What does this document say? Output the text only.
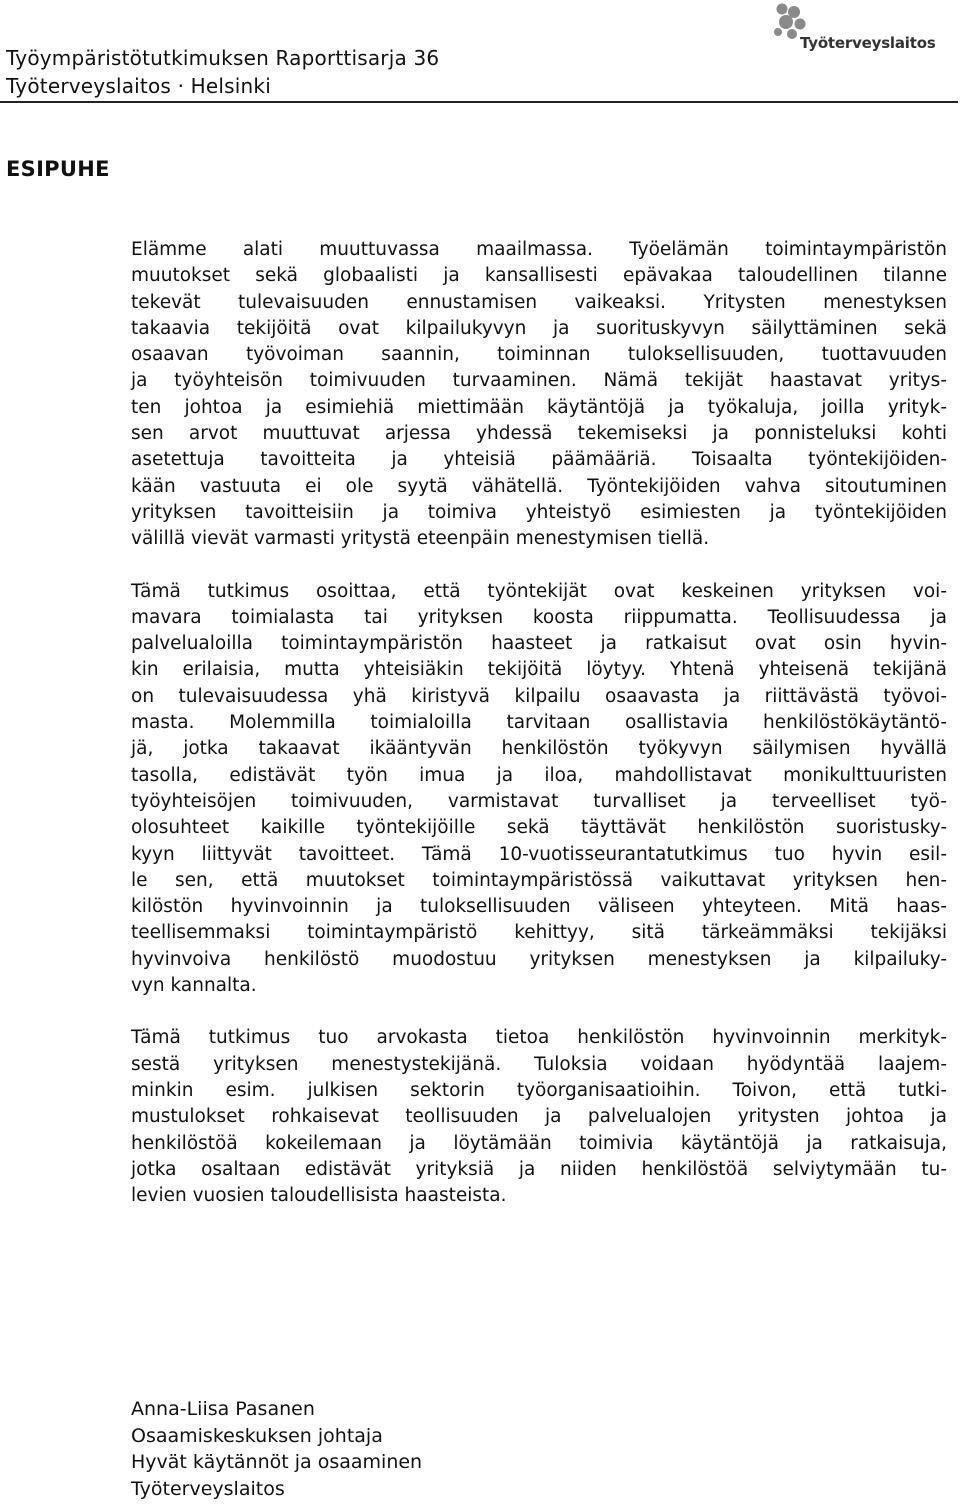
Työympäristötutkimuksen Raporttisarja 36
Työterveyslaitos · Helsinki
Työterveyslaitos
ESIPUHE
Elämme alati muuttuvassa maailmassa. Työelämän toimintaympäristön
muutokset sekä globaalisti ja kansallisesti epävakaa taloudellinen tilanne
tekevät tulevaisuuden ennustamisen vaikeaksi. Yritysten menestyksen
takaavia tekijöitä ovat kilpailukyvyn ja suorituskyvyn säilyttäminen sekä
osaavan työvoiman saannin, toiminnan tuloksellisuuden, tuottavuuden
ja työyhteisön toimivuuden turvaaminen. Nämä tekijät haastavat yritys-
ten johtoa ja esimiehiä miettimään käytäntöjä ja työkaluja, joilla yrityk-
sen arvot muuttuvat arjessa yhdessä tekemiseksi ja ponnisteluksi kohti
asetettuja tavoitteita ja yhteisiä päämääriä. Toisaalta työntekijöiden-
kään vastuuta ei ole syytä vähätellä. Työntekijöiden vahva sitoutuminen
yrityksen tavoitteisiin ja toimiva yhteistyö esimiesten ja työntekijöiden
välillä vievät varmasti yritystä eteenpäin menestymisen tiellä.
Tämä tutkimus osoittaa, että työntekijät ovat keskeinen yrityksen voi-
mavara toimialasta tai yrityksen koosta riippumatta. Teollisuudessa ja
palvelualoilla toimintaympäristön haasteet ja ratkaisut ovat osin hyvin-
kin erilaisia, mutta yhteisiäkin tekijöitä löytyy. Yhtenä yhteisenä tekijänä
on tulevaisuudessa yhä kiristyvä kilpailu osaavasta ja riittävästä työvoi-
masta. Molemmilla toimialoilla tarvitaan osallistavia henkilöstökäytäntö-
jä, jotka takaavat ikääntyvän henkilöstön työkyvyn säilymisen hyvällä
tasolla, edistävät työn imua ja iloa, mahdollistavat monikulttuuristen
työyhteisöjen toimivuuden, varmistavat turvalliset ja terveelliset työ-
olosuhteet kaikille työntekijöille sekä täyttävät henkilöstön suoristusky-
kyyn liittyvät tavoitteet. Tämä 10-vuotisseurantatutkimus tuo hyvin esil-
le sen, että muutokset toimintaympäristössä vaikuttavat yrityksen hen-
kilöstön hyvinvoinnin ja tuloksellisuuden väliseen yhteyteen. Mitä haas-
teellisemmaksi toimintaympäristö kehittyy, sitä tärkeämmäksi tekijäksi
hyvinvoiva henkilöstö muodostuu yrityksen menestyksen ja kilpailuky-
vyn kannalta.
Tämä tutkimus tuo arvokasta tietoa henkilöstön hyvinvoinnin merkityk-
sestä yrityksen menestystekijänä. Tuloksia voidaan hyödyntää laajem-
minkin esim. julkisen sektorin työorganisaatioihin. Toivon, että tutki-
mustulokset rohkaisevat teollisuuden ja palvelualojen yritysten johtoa ja
henkilöstöä kokeilemaan ja löytämään toimivia käytäntöjä ja ratkaisuja,
jotka osaltaan edistävät yrityksiä ja niiden henkilöstöä selviytymään tu-
levien vuosien taloudellisista haasteista.
Anna-Liisa Pasanen
Osaamiskeskuksen johtaja
Hyvät käytännöt ja osaaminen
Työterveyslaitos
